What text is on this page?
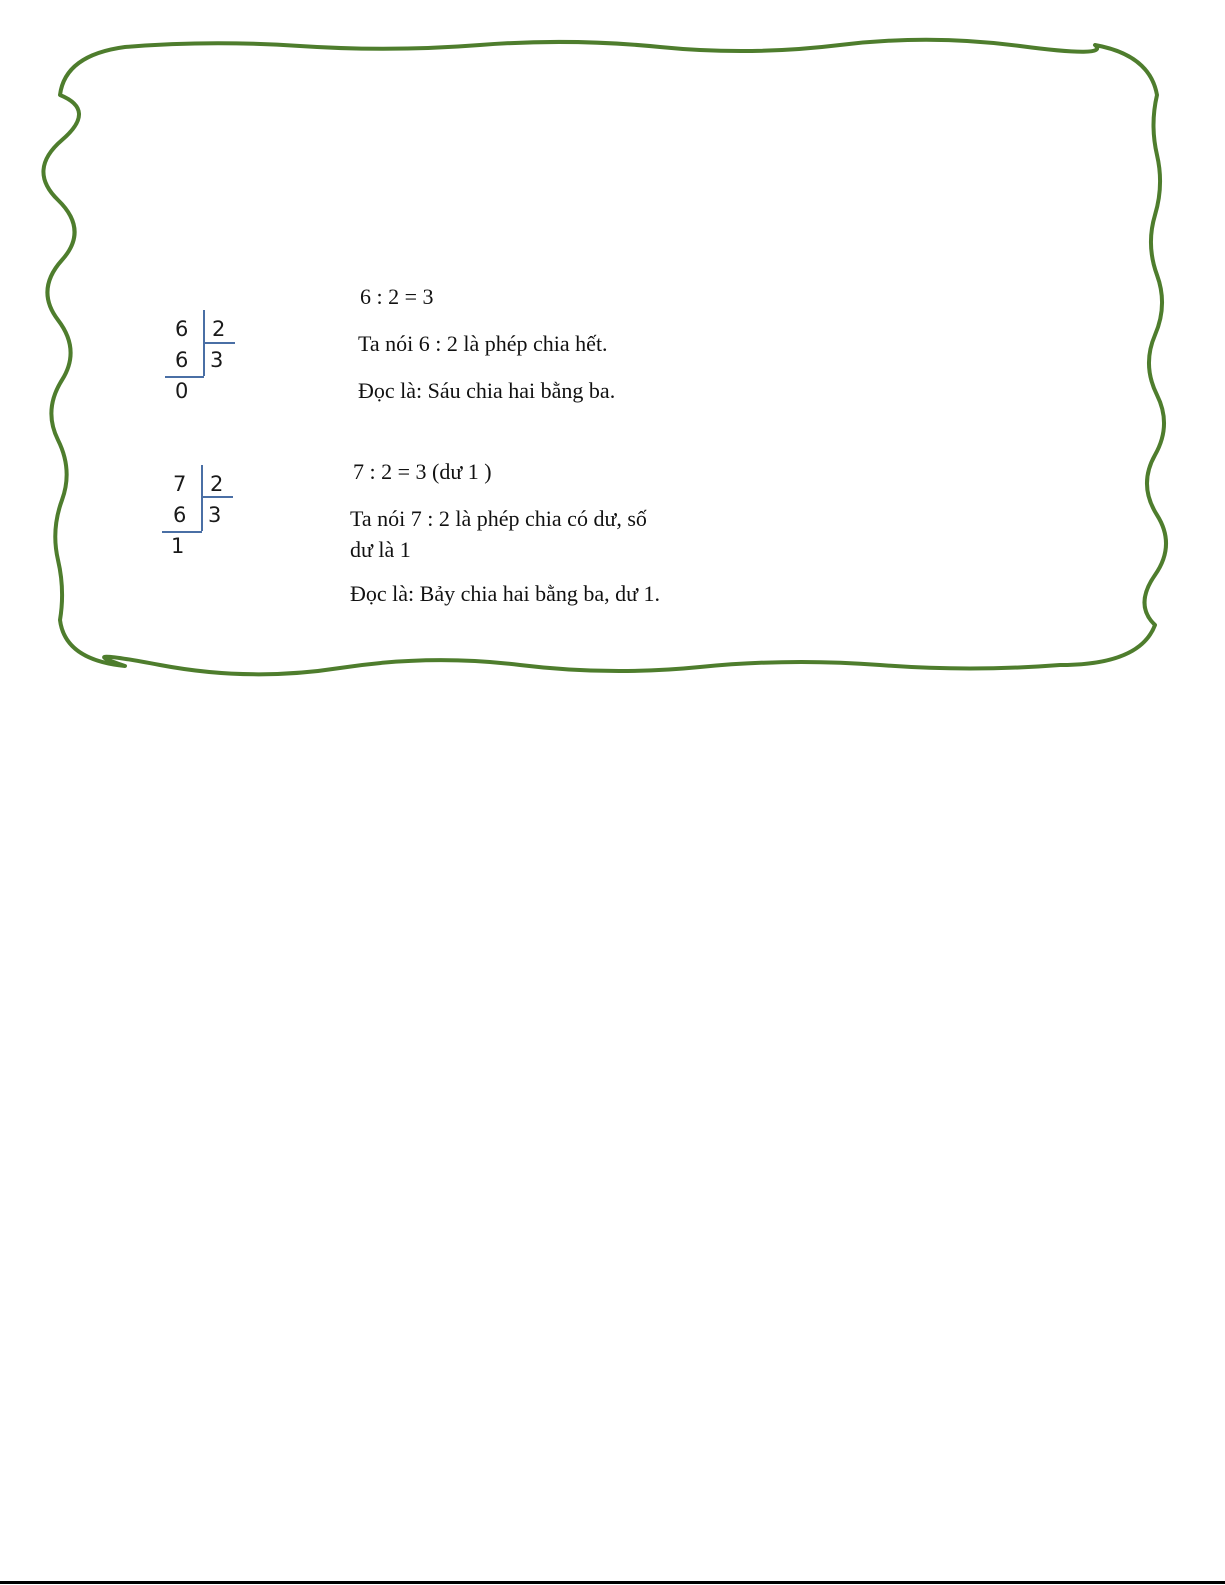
6 2
6 3
0
7 2
6 3
1
6 : 2 = 3
Ta nói 6 : 2 là phép chia hết.
Đọc là: Sáu chia hai bằng ba.
7 : 2 = 3 (dư 1 )
Ta nói 7 : 2 là phép chia có dư, số
dư là 1
Đọc là: Bảy chia hai bằng ba, dư 1.
